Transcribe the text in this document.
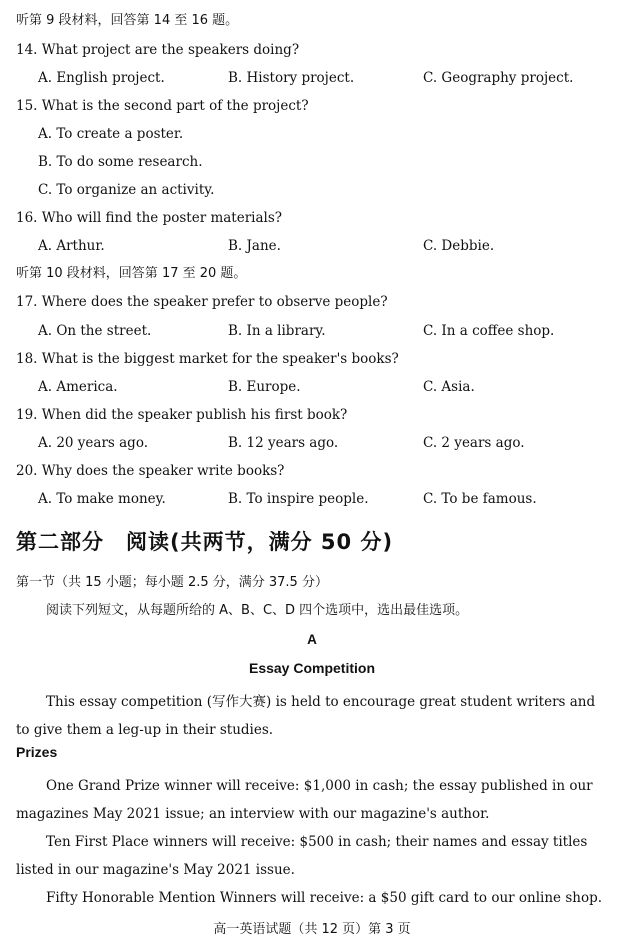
听第 9 段材料，回答第 14 至 16 题。
14. What project are the speakers doing?
A. English project.	B. History project.	C. Geography project.
15. What is the second part of the project?
A. To create a poster.
B. To do some research.
C. To organize an activity.
16. Who will find the poster materials?
A. Arthur.	B. Jane.	C. Debbie.
听第 10 段材料，回答第 17 至 20 题。
17. Where does the speaker prefer to observe people?
A. On the street.	B. In a library.	C. In a coffee shop.
18. What is the biggest market for the speaker's books?
A. America.	B. Europe.	C. Asia.
19. When did the speaker publish his first book?
A. 20 years ago.	B. 12 years ago.	C. 2 years ago.
20. Why does the speaker write books?
A. To make money.	B. To inspire people.	C. To be famous.
第二部分　阅读(共两节，满分 50 分)
第一节（共 15 小题；每小题 2.5 分，满分 37.5 分）
阅读下列短文，从每题所给的 A、B、C、D 四个选项中，选出最佳选项。
A
Essay Competition
This essay competition (写作大赛) is held to encourage great student writers and to give them a leg-up in their studies.
Prizes
One Grand Prize winner will receive: $1,000 in cash; the essay published in our magazines May 2021 issue; an interview with our magazine's author.
Ten First Place winners will receive: $500 in cash; their names and essay titles listed in our magazine's May 2021 issue.
Fifty Honorable Mention Winners will receive: a $50 gift card to our online shop.
高一英语试题（共 12 页）第 3 页
